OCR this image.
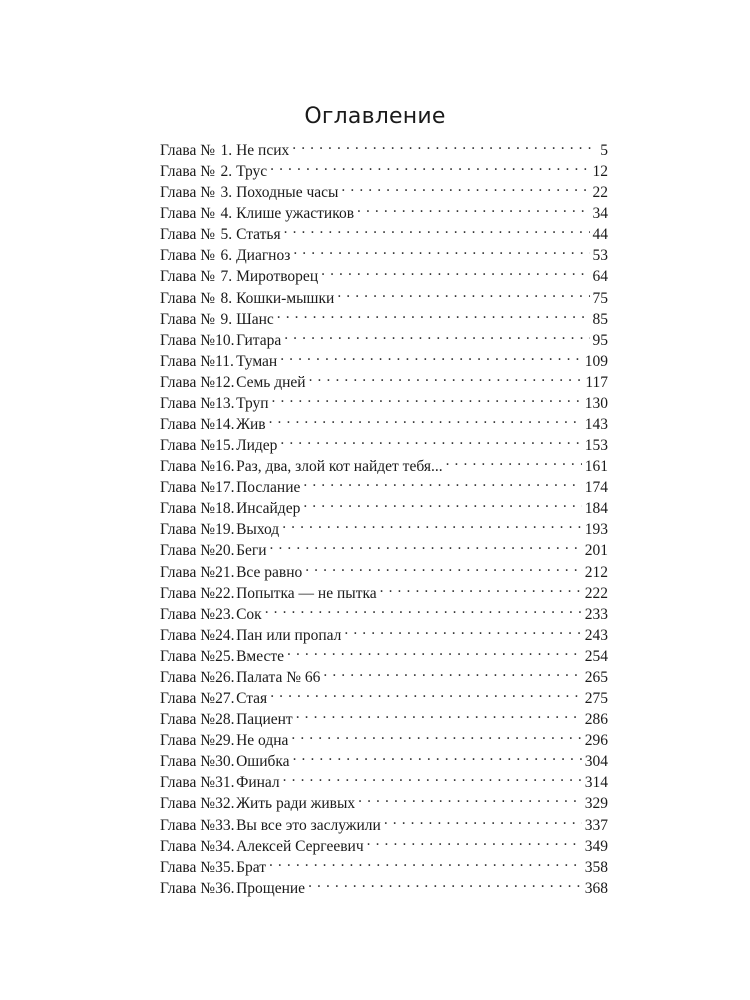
Оглавление
Глава № 1. Не псих . . .	5
Глава № 2. Трус . . .	12
Глава № 3. Походные часы . . .	22
Глава № 4. Клише ужастиков . . .	34
Глава № 5. Статья . . .	44
Глава № 6. Диагноз . . .	53
Глава № 7. Миротворец . . .	64
Глава № 8. Кошки-мышки . . .	75
Глава № 9. Шанс . . .	85
Глава № 10. Гитара . . .	95
Глава № 11. Туман . . .	109
Глава № 12. Семь дней . . .	117
Глава № 13. Труп . . .	130
Глава № 14. Жив . . .	143
Глава № 15. Лидер . . .	153
Глава № 16. Раз, два, злой кот найдет тебя... . . .	161
Глава № 17. Послание . . .	174
Глава № 18. Инсайдер . . .	184
Глава № 19. Выход . . .	193
Глава № 20. Беги . . .	201
Глава № 21. Все равно . . .	212
Глава № 22. Попытка — не пытка . . .	222
Глава № 23. Сок . . .	233
Глава № 24. Пан или пропал . . .	243
Глава № 25. Вместе . . .	254
Глава № 26. Палата № 66 . . .	265
Глава № 27. Стая . . .	275
Глава № 28. Пациент . . .	286
Глава № 29. Не одна . . .	296
Глава № 30. Ошибка . . .	304
Глава № 31. Финал . . .	314
Глава № 32. Жить ради живых . . .	329
Глава № 33. Вы все это заслужили . . .	337
Глава № 34. Алексей Сергеевич . . .	349
Глава № 35. Брат . . .	358
Глава № 36. Прощение . . .	368
